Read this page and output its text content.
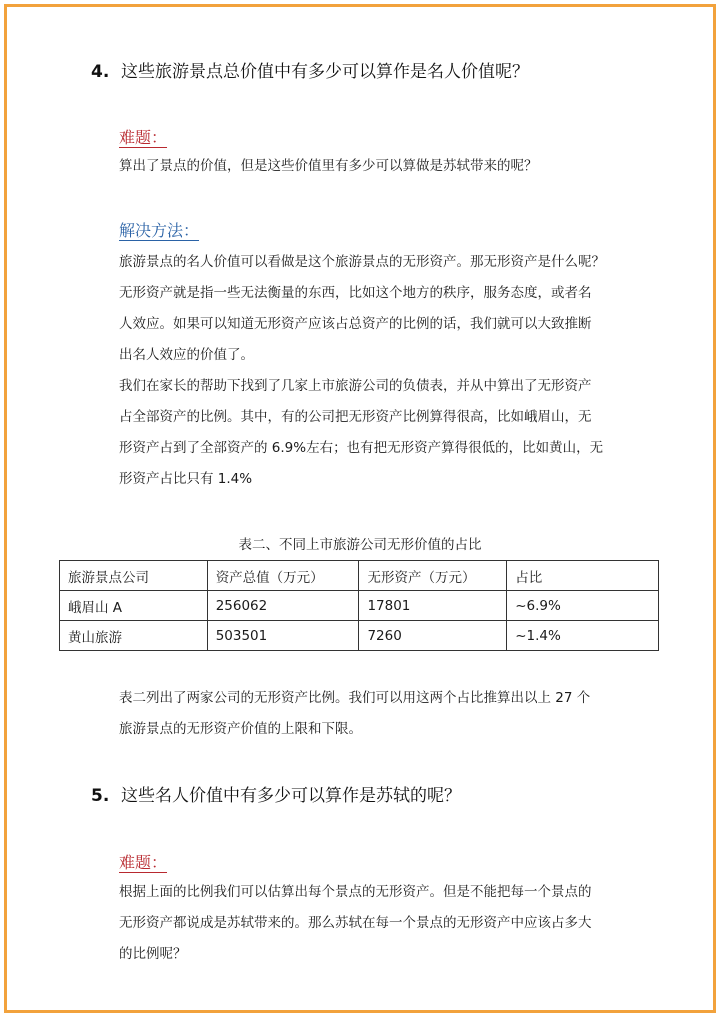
4. 这些旅游景点总价值中有多少可以算作是名人价值呢？
难题：
算出了景点的价值，但是这些价值里有多少可以算做是苏轼带来的呢？
解决方法：
旅游景点的名人价值可以看做是这个旅游景点的无形资产。那无形资产是什么呢？
无形资产就是指一些无法衡量的东西，比如这个地方的秩序，服务态度，或者名
人效应。如果可以知道无形资产应该占总资产的比例的话，我们就可以大致推断
出名人效应的价值了。
我们在家长的帮助下找到了几家上市旅游公司的负债表，并从中算出了无形资产
占全部资产的比例。其中，有的公司把无形资产比例算得很高，比如峨眉山，无
形资产占到了全部资产的 6.9%左右；也有把无形资产算得很低的，比如黄山，无
形资产占比只有 1.4%
表二、不同上市旅游公司无形价值的占比
旅游景点公司	资产总值（万元）	无形资产（万元）	占比
峨眉山 A	256062	17801	~6.9%
黄山旅游	503501	7260	~1.4%
表二列出了两家公司的无形资产比例。我们可以用这两个占比推算出以上 27 个
旅游景点的无形资产价值的上限和下限。
5. 这些名人价值中有多少可以算作是苏轼的呢？
难题：
根据上面的比例我们可以估算出每个景点的无形资产。但是不能把每一个景点的
无形资产都说成是苏轼带来的。那么苏轼在每一个景点的无形资产中应该占多大
的比例呢？
